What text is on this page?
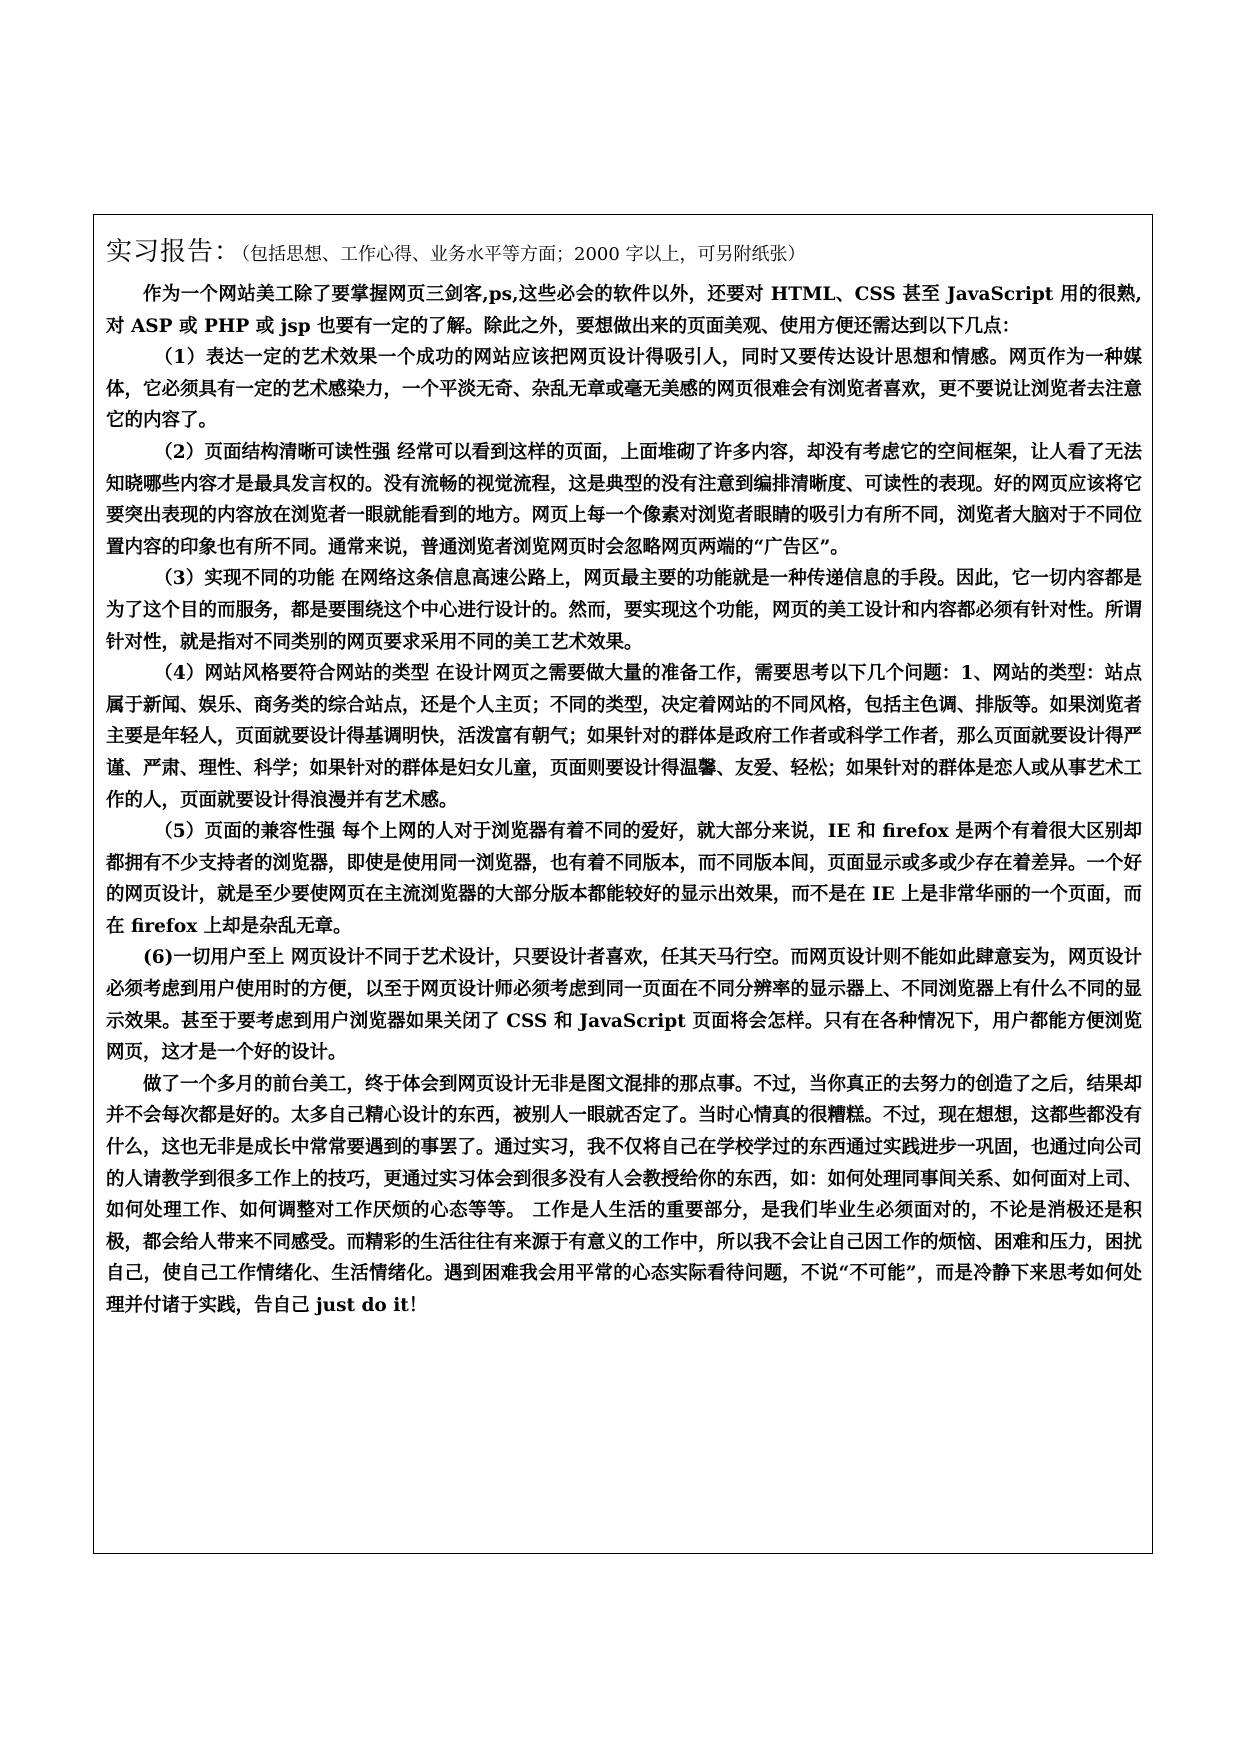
实习报告：（包括思想、工作心得、业务水平等方面；2000 字以上，可另附纸张）

作为一个网站美工除了要掌握网页三剑客,ps,这些必会的软件以外，还要对 HTML、CSS 甚至 JavaScript 用的很熟,对 ASP 或 PHP 或 jsp 也要有一定的了解。除此之外，要想做出来的页面美观、使用方便还需达到以下几点：

（1）表达一定的艺术效果一个成功的网站应该把网页设计得吸引人，同时又要传达设计思想和情感。网页作为一种媒体，它必须具有一定的艺术感染力，一个平淡无奇、杂乱无章或毫无美感的网页很难会有浏览者喜欢，更不要说让浏览者去注意它的内容了。

（2）页面结构清晰可读性强 经常可以看到这样的页面，上面堆砌了许多内容，却没有考虑它的空间框架，让人看了无法知晓哪些内容才是最具发言权的。没有流畅的视觉流程，这是典型的没有注意到编排清晰度、可读性的表现。好的网页应该将它要突出表现的内容放在浏览者一眼就能看到的地方。网页上每一个像素对浏览者眼睛的吸引力有所不同，浏览者大脑对于不同位置内容的印象也有所不同。通常来说，普通浏览者浏览网页时会忽略网页两端的“广告区”。

（3）实现不同的功能 在网络这条信息高速公路上，网页最主要的功能就是一种传递信息的手段。因此，它一切内容都是为了这个目的而服务，都是要围绕这个中心进行设计的。然而，要实现这个功能，网页的美工设计和内容都必须有针对性。所谓针对性，就是指对不同类别的网页要求采用不同的美工艺术效果。

（4）网站风格要符合网站的类型 在设计网页之需要做大量的准备工作，需要思考以下几个问题：1、网站的类型：站点属于新闻、娱乐、商务类的综合站点，还是个人主页；不同的类型，决定着网站的不同风格，包括主色调、排版等。如果浏览者主要是年轻人，页面就要设计得基调明快，活泼富有朝气；如果针对的群体是政府工作者或科学工作者，那么页面就要设计得严谨、严肃、理性、科学；如果针对的群体是妇女儿童，页面则要设计得温馨、友爱、轻松；如果针对的群体是恋人或从事艺术工作的人，页面就要设计得浪漫并有艺术感。

（5）页面的兼容性强 每个上网的人对于浏览器有着不同的爱好，就大部分来说，IE 和 firefox 是两个有着很大区别却都拥有不少支持者的浏览器，即使是使用同一浏览器，也有着不同版本，而不同版本间，页面显示或多或少存在着差异。一个好的网页设计，就是至少要使网页在主流浏览器的大部分版本都能较好的显示出效果，而不是在 IE 上是非常华丽的一个页面，而在 firefox 上却是杂乱无章。

(6)一切用户至上 网页设计不同于艺术设计，只要设计者喜欢，任其天马行空。而网页设计则不能如此肆意妄为，网页设计必须考虑到用户使用时的方便，以至于网页设计师必须考虑到同一页面在不同分辨率的显示器上、不同浏览器上有什么不同的显示效果。甚至于要考虑到用户浏览器如果关闭了 CSS 和 JavaScript 页面将会怎样。只有在各种情况下，用户都能方便浏览网页，这才是一个好的设计。

做了一个多月的前台美工，终于体会到网页设计无非是图文混排的那点事。不过，当你真正的去努力的创造了之后，结果却并不会每次都是好的。太多自己精心设计的东西，被别人一眼就否定了。当时心情真的很糟糕。不过，现在想想，这都些都没有什么，这也无非是成长中常常要遇到的事罢了。通过实习，我不仅将自己在学校学过的东西通过实践进步一巩固，也通过向公司的人请教学到很多工作上的技巧，更通过实习体会到很多没有人会教授给你的东西，如：如何处理同事间关系、如何面对上司、如何处理工作、如何调整对工作厌烦的心态等等。 工作是人生活的重要部分，是我们毕业生必须面对的，不论是消极还是积极，都会给人带来不同感受。而精彩的生活往往有来源于有意义的工作中，所以我不会让自己因工作的烦恼、困难和压力，困扰自己，使自己工作情绪化、生活情绪化。遇到困难我会用平常的心态实际看待问题，不说“不可能”，而是冷静下来思考如何处理并付诸于实践，告自己 just do it！
